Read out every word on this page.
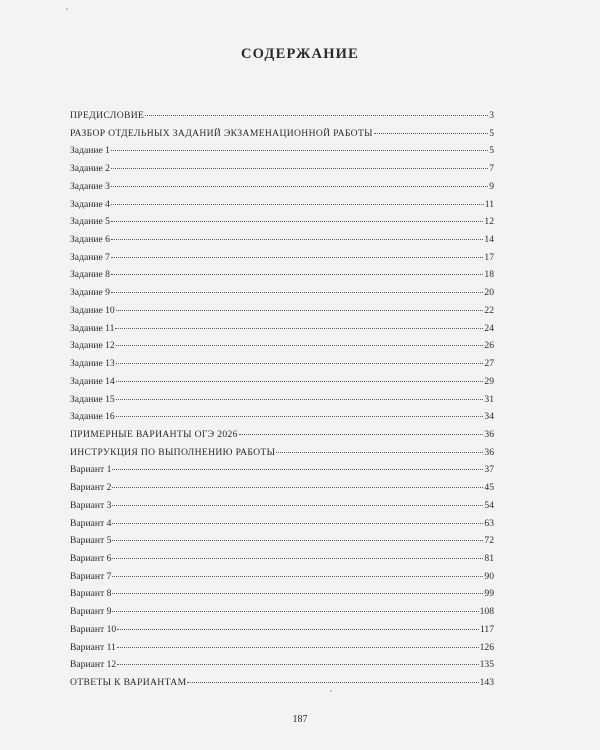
СОДЕРЖАНИЕ
ПРЕДИСЛОВИЕ	3
РАЗБОР ОТДЕЛЬНЫХ ЗАДАНИЙ ЭКЗАМЕНАЦИОННОЙ РАБОТЫ	5
Задание 1	5
Задание 2	7
Задание 3	9
Задание 4	11
Задание 5	12
Задание 6	14
Задание 7	17
Задание 8	18
Задание 9	20
Задание 10	22
Задание 11	24
Задание 12	26
Задание 13	27
Задание 14	29
Задание 15	31
Задание 16	34
ПРИМЕРНЫЕ ВАРИАНТЫ ОГЭ 2026	36
ИНСТРУКЦИЯ ПО ВЫПОЛНЕНИЮ РАБОТЫ	36
Вариант 1	37
Вариант 2	45
Вариант 3	54
Вариант 4	63
Вариант 5	72
Вариант 6	81
Вариант 7	90
Вариант 8	99
Вариант 9	108
Вариант 10	117
Вариант 11	126
Вариант 12	135
ОТВЕТЫ К ВАРИАНТАМ	143
187
